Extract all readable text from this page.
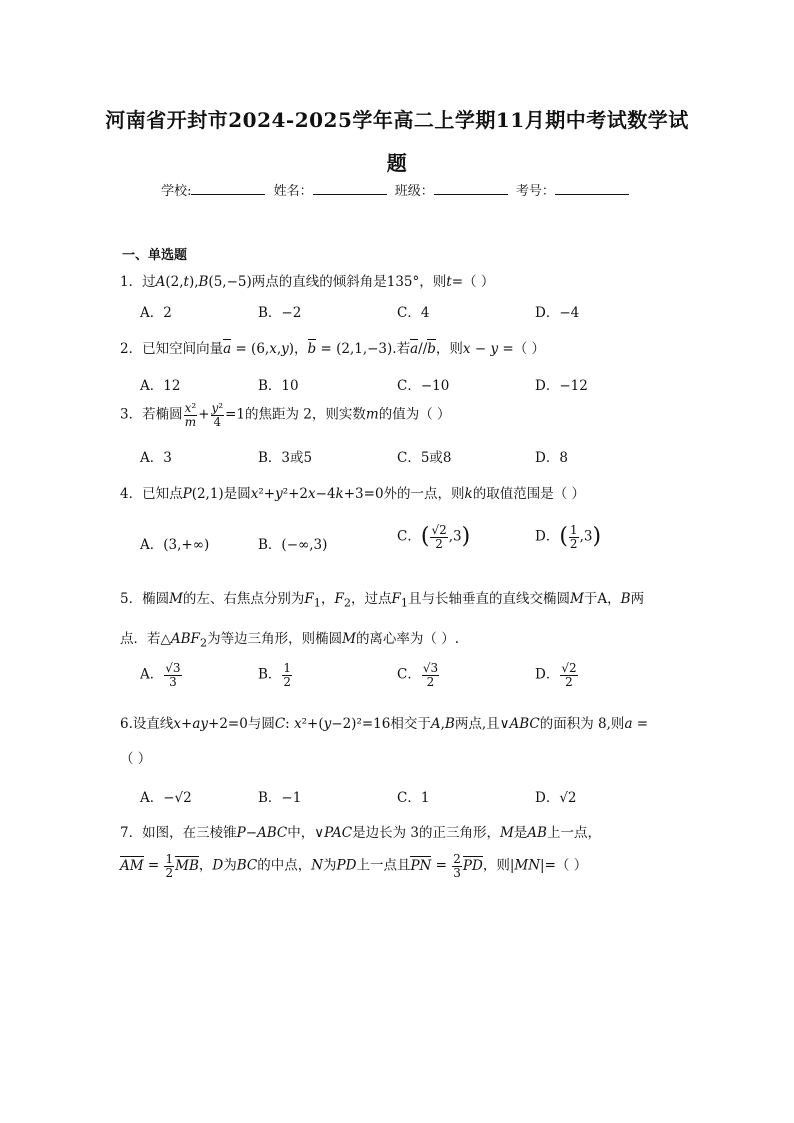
河南省开封市2024-2025学年高二上学期11月期中考试数学试
题
学校:	姓名：	班级：	考号：
一、单选题
1．过A(2,t),B(5,−5)两点的直线的倾斜角是135°，则t=（ ）
A．2	B．−2	C．4	D．−4
2．已知空间向量a = (6,x,y)，b = (2,1,−3).若a//b，则x − y =（ ）
A．12	B．10	C．−10	D．−12
3．若椭圆 $\frac{\text{x²}}{m} + \frac{\text{y²}}{4} =1$的焦距为 2，则实数m的值为（ ）
A．3	B．3或5	C．5或8	D．8
4．已知点P(2,1)是圆x²+y²+2x−4k+3=0外的一点，则k的取值范围是（ ）
A．(3,+∞)	B．(−∞,3)
C．( $\frac{√2}{2} ,3$)	D．( $\frac{1}{2} ,3$)
5．椭圆M的左、右焦点分别为$F_1$，$F_2$，过点$F_1$且与长轴垂直的直线交椭圆M于A，B两
点．若$\triangle ABF_2$为等边三角形，则椭圆M的离心率为（ ）.
A． $\frac{√3}{3}$	B． $\frac{1}{2}$	C． $\frac{√3}{2}$	D． $\frac{√2}{2}$
6.设直线x+ay+2=0与圆C: x²+(y−2)²=16相交于A,B两点,且∨ABC的面积为 8,则a =
（ ）
A．−√2	B．−1	C．1	D．√2
7．如图，在三棱锥P−ABC中，∨PAC是边长为 3的正三角形，M是AB上一点，
AM = $\frac{1}{2}$ MB，D为BC的中点，N为PD上一点且PN = $\frac{2}{3}$ PD，则|MN|=（ ）
